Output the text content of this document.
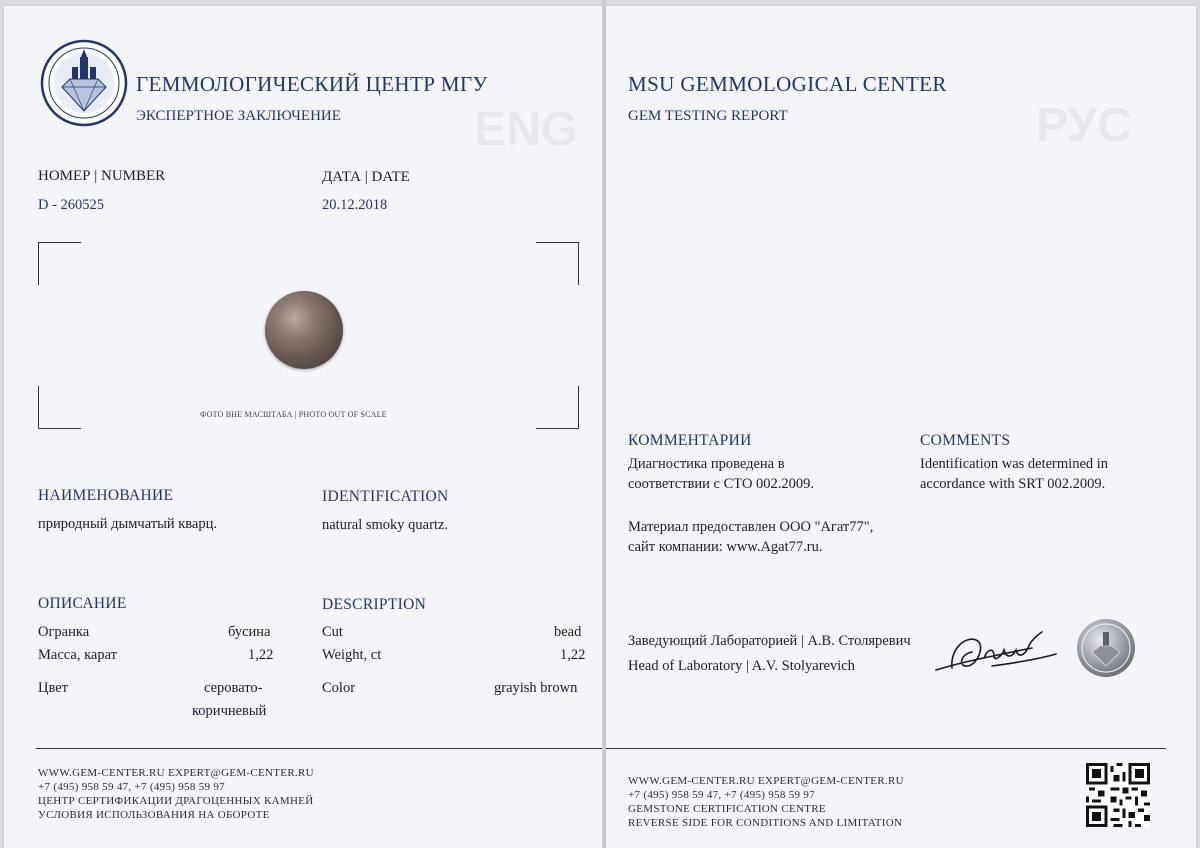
ENG
ГЕММОЛОГИЧЕСКИЙ ЦЕНТР МГУ
ЭКСПЕРТНОЕ ЗАКЛЮЧЕНИЕ
НОМЕР | NUMBER
D - 260525
ДАТА | DATE
20.12.2018
ФОТО ВНЕ МАСШТАБА | PHOTO OUT OF SCALE
НАИМЕНОВАНИЕ
природный дымчатый кварц.
IDENTIFICATION
natural smoky quartz.
ОПИСАНИЕ	DESCRIPTION
Огранка	бусина
Масса, карат	1,22
Цвет	серовато-
коричневый
Cut	bead
Weight, ct	1,22
Color	grayish brown
WWW.GEM-CENTER.RU EXPERT@GEM-CENTER.RU
+7 (495) 958 59 47, +7 (495) 958 59 97
ЦЕНТР СЕРТИФИКАЦИИ ДРАГОЦЕННЫХ КАМНЕЙ
УСЛОВИЯ ИСПОЛЬЗОВАНИЯ НА ОБОРОТЕ
РУС
MSU GEMMOLOGICAL CENTER
GEM TESTING REPORT
КОММЕНТАРИИ
Диагностика проведена в
соответствии с СТО 002.2009.
COMMENTS
Identification was determined in
accordance with SRT 002.2009.
Материал предоставлен ООО "Агат77",
сайт компании: www.Agat77.ru.
Заведующий Лабораторией | А.В. Столяревич
Head of Laboratory | A.V. Stolyarevich
WWW.GEM-CENTER.RU EXPERT@GEM-CENTER.RU
+7 (495) 958 59 47, +7 (495) 958 59 97
GEMSTONE CERTIFICATION CENTRE
REVERSE SIDE FOR CONDITIONS AND LIMITATION
